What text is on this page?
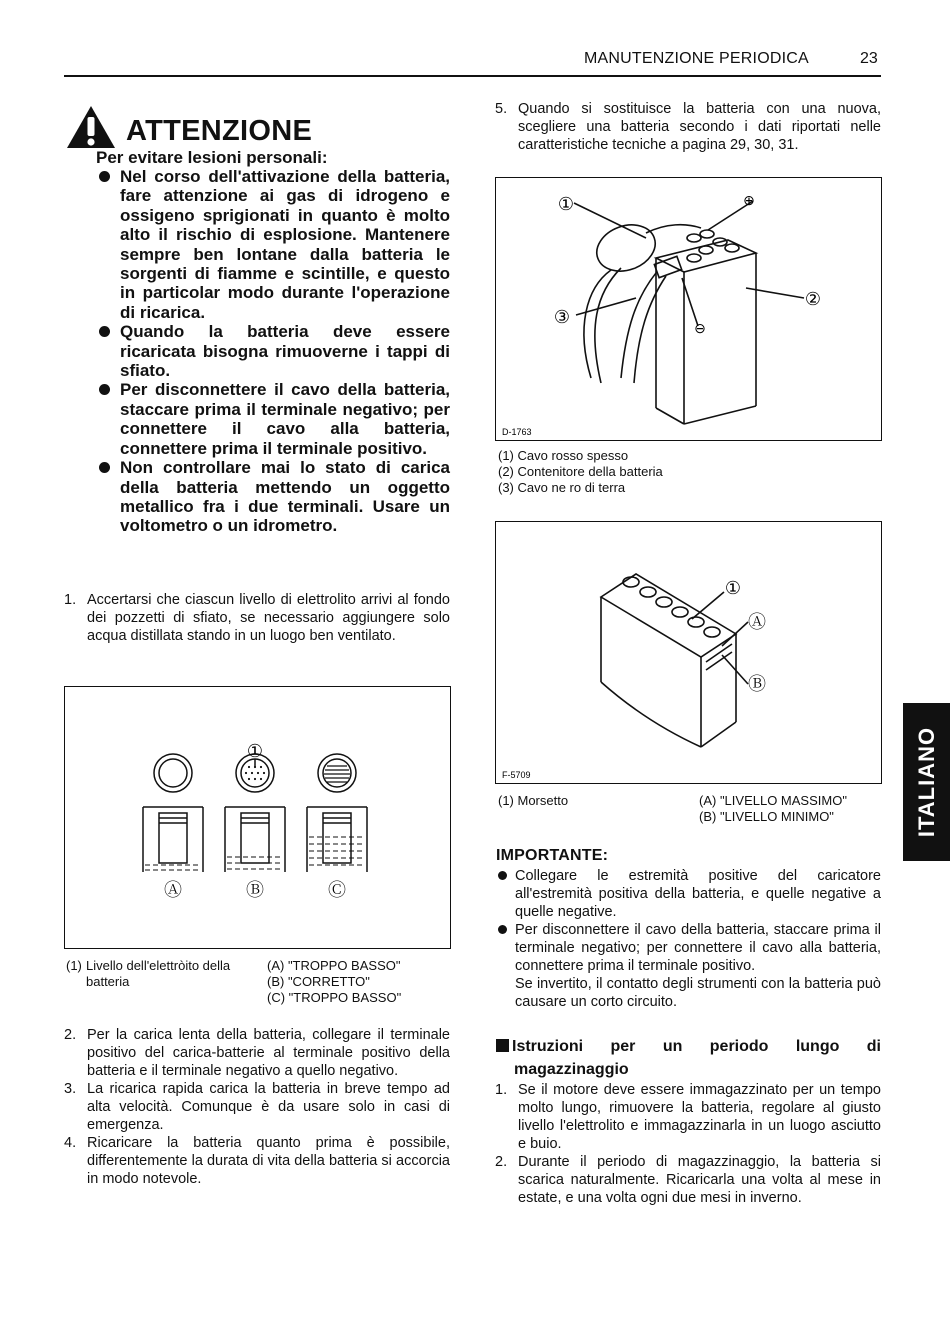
MANUTENZIONE PERIODICA	23
ATTENZIONE
Per evitare lesioni personali:
Nel corso dell'attivazione della batteria, fare attenzione ai gas di idrogeno e ossigeno sprigionati in quanto è molto alto il rischio di esplosione. Mantenere sempre ben lontane dalla batteria le sorgenti di fiamme e scintille, e questo in particolar modo durante l'operazione di ricarica.
Quando la batteria deve essere ricaricata bisogna rimuoverne i tappi di sfiato.
Per disconnettere il cavo della batteria, staccare prima il terminale negativo; per connettere il cavo alla batteria, connettere prima il terminale positivo.
Non controllare mai lo stato di carica della batteria mettendo un oggetto metallico fra i due terminali. Usare un voltometro o un idrometro.
1. Accertarsi che ciascun livello di elettrolito arrivi al fondo dei pozzetti di sfiato, se necessario aggiungere solo acqua distillata stando in un luogo ben ventilato.
①
Ⓐ	Ⓑ	Ⓒ
(1) Livello dell'elettròito della batteria
(A) "TROPPO BASSO"
(B) "CORRETTO"
(C) "TROPPO BASSO"
2. Per la carica lenta della batteria, collegare il terminale positivo del carica-batterie al terminale positivo della batteria e il terminale negativo a quello negativo.
3. La ricarica rapida carica la batteria in breve tempo ad alta velocità. Comunque è da usare solo in casi di emergenza.
4. Ricaricare la batteria quanto prima è possibile, differentemente la durata di vita della batteria si accorcia in modo notevole.
5. Quando si sostituisce la batteria con una nuova, scegliere una batteria secondo i dati riportati nelle caratteristiche tecniche a pagina 29, 30, 31.
①	⊕
②
③
⊖
D-1763
(1) Cavo rosso spesso
(2) Contenitore della batteria
(3) Cavo ne ro di terra
①
Ⓐ
Ⓑ
F-5709
(1) Morsetto	(A) "LIVELLO MASSIMO"
(B) "LIVELLO MINIMO"
IMPORTANTE:
Collegare le estremità positive del caricatore all'estremità positiva della batteria, e quelle negative a quelle negative.
Per disconnettere il cavo della batteria, staccare prima il terminale negativo; per connettere il cavo alla batteria, connettere prima il terminale positivo.
Se invertito, il contatto degli strumenti con la batteria può causare un corto circuito.
Istruzioni per un periodo lungo di
magazzinaggio
1. Se il motore deve essere immagazzinato per un tempo molto lungo, rimuovere la batteria, regolare al giusto livello l'elettrolito e immagazzinarla in un luogo asciutto e buio.
2. Durante il periodo di magazzinaggio, la batteria si scarica naturalmente. Ricaricarla una volta al mese in estate, e una volta ogni due mesi in inverno.
ITALIANO
